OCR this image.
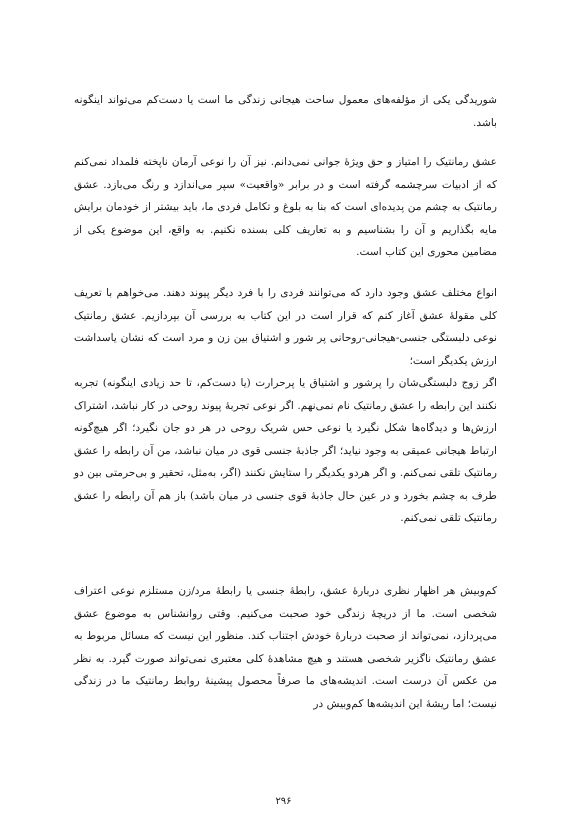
شوریدگی یکی از مؤلفه‌های معمول ساحت هیجانی زندگی ما است یا دست‌کم می‌تواند اینگونه باشد.

عشق رمانتیک را امتیاز و حق ویژۀ جوانی نمی‌دانم. نیز آن را نوعی آرمان ناپخته فلمداد نمی‌کنم که از ادبیات سرچشمه گرفته است و در برابر «واقعیت» سپر می‌اندازد و رنگ می‌بازد. عشق رمانتیک به چشم من پدیده‌ای است که بنا به بلوغ و تکامل فردی ما، باید بیشتر از خودمان برایش مایه بگذاریم و آن را بشناسیم و به تعاریف کلی بسنده نکنیم. به واقع، این موضوع یکی از مضامین محوری این کتاب است.

انواع مختلف عشق وجود دارد که می‌توانند فردی را با فرد دیگر پیوند دهند. می‌خواهم با تعریف کلی مقولۀ عشق آغاز کنم که قرار است در این کتاب به بررسی آن بپردازیم. عشق رمانتیک نوعی دلبستگی جنسی-هیجانی-روحانی پر شور و اشتیاق بین زن و مرد است که نشان یاسداشت ارزش یکدیگر است؛

اگر زوج دلبستگی‌شان را پرشور و اشتیاق یا پرحرارت (یا دست‌کم، تا حد زیادی اینگونه) تجربه نکنند این رابطه را عشق رمانتیک نام نمی‌نهم. اگر نوعی تجربۀ پیوند روحی در کار نباشد، اشتراک ارزش‌ها و دیدگاه‌ها شکل نگیرد یا نوعی حس شریک روحی در هر دو جان نگیرد؛ اگر هیچ‌گونه ارتباط هیجانی عمیقی به وجود نیاید؛ اگر جاذبۀ جنسی قوی در میان نباشد، من آن رابطه را عشق رمانتیک تلقی نمی‌کنم. و اگر هردو یکدیگر را ستایش نکنند (اگر، به‌مثل، تحقیر و بی‌حرمتی بین دو طرف به چشم بخورد و در عین حال جاذبۀ قوی جنسی در میان باشد) باز هم آن رابطه را عشق رمانتیک تلقی نمی‌کنم.

کم‌وبیش هر اظهار نظری دربارۀ عشق، رابطۀ جنسی یا رابطۀ مرد/زن مستلزم نوعی اعتراف شخصی است. ما از دریچۀ زندگی خود صحبت می‌کنیم. وقتی روانشناس به موضوع عشق می‌پردازد، نمی‌تواند از صحبت دربارۀ خودش اجتناب کند. منظور این نیست که مسائل مربوط به عشق رمانتیک ناگزیر شخصی هستند و هیچ مشاهدۀ کلی معتبری نمی‌تواند صورت گیرد. به نظر من عکس آن درست است. اندیشه‌های ما صرفاً محصول پیشینۀ روابط رمانتیک ما در زندگی نیست؛ اما ریشۀ این اندیشه‌ها کم‌وبیش در

۲۹۶
